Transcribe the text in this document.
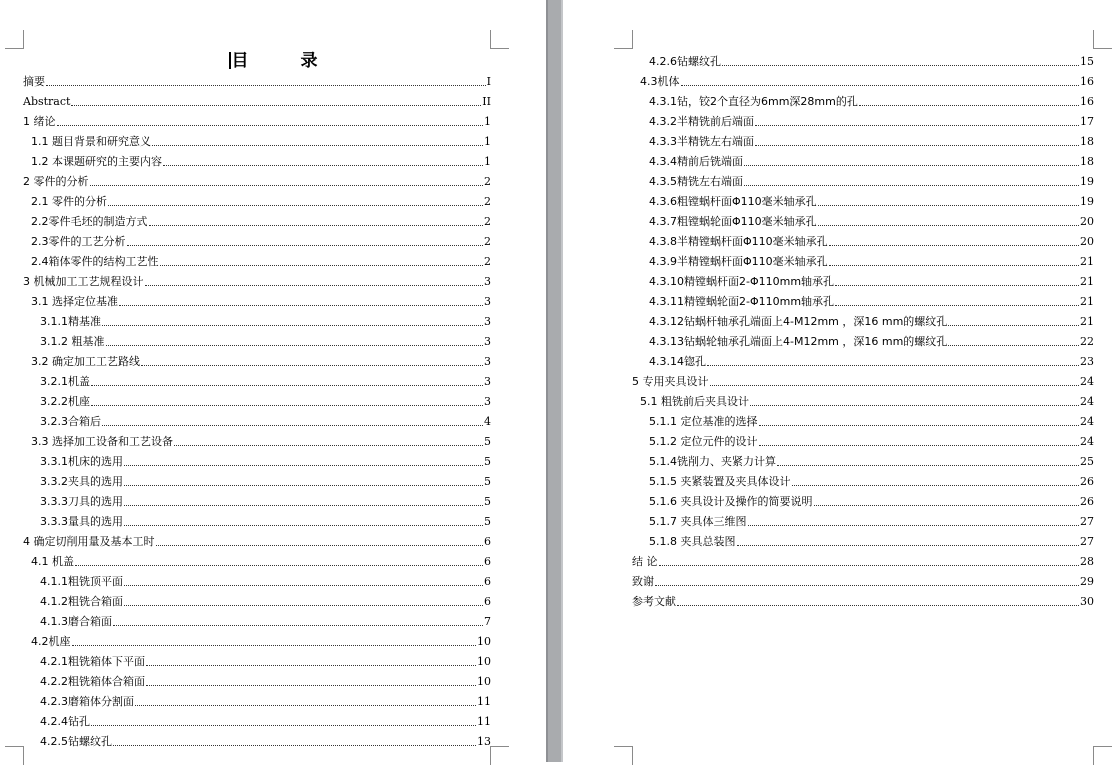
目	录
摘要	I
Abstract	II
1 绪论	1
1.1 题目背景和研究意义	1
1.2 本课题研究的主要内容	1
2 零件的分析	2
2.1 零件的分析	2
2.2零件毛坯的制造方式	2
2.3零件的工艺分析	2
2.4箱体零件的结构工艺性	2
3 机械加工工艺规程设计	3
3.1 选择定位基准	3
3.1.1精基准	3
3.1.2 粗基准	3
3.2 确定加工工艺路线	3
3.2.1机盖	3
3.2.2机座	3
3.2.3合箱后	4
3.3 选择加工设备和工艺设备	5
3.3.1机床的选用	5
3.3.2夹具的选用	5
3.3.3刀具的选用	5
3.3.3量具的选用	5
4 确定切削用量及基本工时	6
4.1 机盖	6
4.1.1粗铣顶平面	6
4.1.2粗铣合箱面	6
4.1.3磨合箱面	7
4.2机座	10
4.2.1粗铣箱体下平面	10
4.2.2粗铣箱体合箱面	10
4.2.3磨箱体分割面	11
4.2.4钻孔	11
4.2.5钻螺纹孔	13
4.2.6钻螺纹孔	15
4.3机体	16
4.3.1钻，铰2个直径为6mm深28mm的孔	16
4.3.2半精铣前后端面	17
4.3.3半精铣左右端面	18
4.3.4精前后铣端面	18
4.3.5精铣左右端面	19
4.3.6粗镗蜗杆面Φ110毫米轴承孔	19
4.3.7粗镗蜗轮面Φ110毫米轴承孔	20
4.3.8半精镗蜗杆面Φ110毫米轴承孔	20
4.3.9半精镗蜗杆面Φ110毫米轴承孔	21
4.3.10精镗蜗杆面2-Φ110mm轴承孔	21
4.3.11精镗蜗轮面2-Φ110mm轴承孔	21
4.3.12钻蜗杆轴承孔端面上4-M12mm ，深16 mm的螺纹孔	21
4.3.13钻蜗轮轴承孔端面上4-M12mm ，深16 mm的螺纹孔	22
4.3.14锪孔	23
5 专用夹具设计	24
5.1 粗铣前后夹具设计	24
5.1.1 定位基准的选择	24
5.1.2 定位元件的设计	24
5.1.4铣削力、夹紧力计算	25
5.1.5 夹紧装置及夹具体设计	26
5.1.6 夹具设计及操作的简要说明	26
5.1.7 夹具体三维图	27
5.1.8 夹具总装图	27
结 论	28
致谢	29
参考文献	30
